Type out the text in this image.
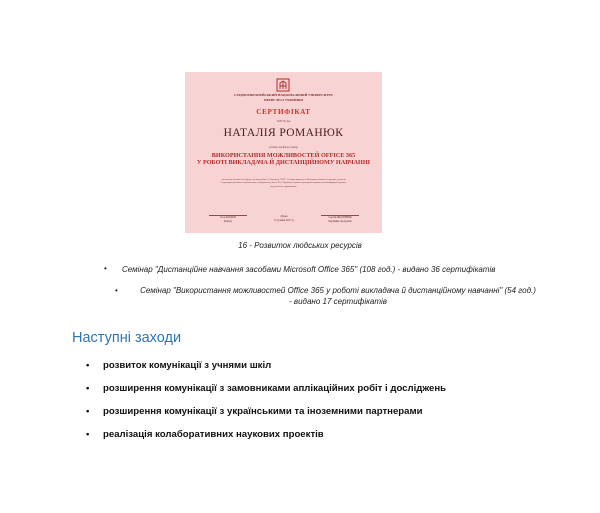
СХІДНОЄВРОПЕЙСЬКИЙ НАЦІОНАЛЬНИЙ УНІВЕРСИТЕТ
ІМЕНІ ЛЕСІ УКРАЇНКИ
СЕРТИФІКАТ
ТОВ-78, №4
НАТАЛІЯ РОМАНЮК
успішно пройшла семінар
ВИКОРИСТАННЯ МОЖЛИВОСТЕЙ OFFICE 365
У РОБОТІ ВИКЛАДАЧА Й ДИСТАНЦІЙНОМУ НАВЧАННІ
загальним обсягом 54 години, що відповідає 1,8 кредиту ЄКТС. Семінар проведено Центром розвитку людських ресурсів Східноєвропейського національного університету імені Лесі Українки в рамках програми підвищення кваліфікації науково-педагогічних працівників.
Ігор КОЦАН
Ректор
Луцьк
15 травня 2017 р.
Сергій ФЕДОНЮК
Керівник програми
16 - Розвиток людських ресурсів
• Семінар "Дистанційне навчання засобами Microsoft Office 365" (108 год.) - видано 36 сертифікатів
•	Семінар "Використання можливостей Office 365 у роботі викладача й дистанційному навчанні" (54 год.)
- видано 17 сертифікатів
Наступні заходи
• розвиток комунікації з учнями шкіл
• розширення комунікації з замовниками аплікаційних робіт і досліджень
• розширення комунікації з українськими та іноземними партнерами
• реалізація колаборативних наукових проектів
